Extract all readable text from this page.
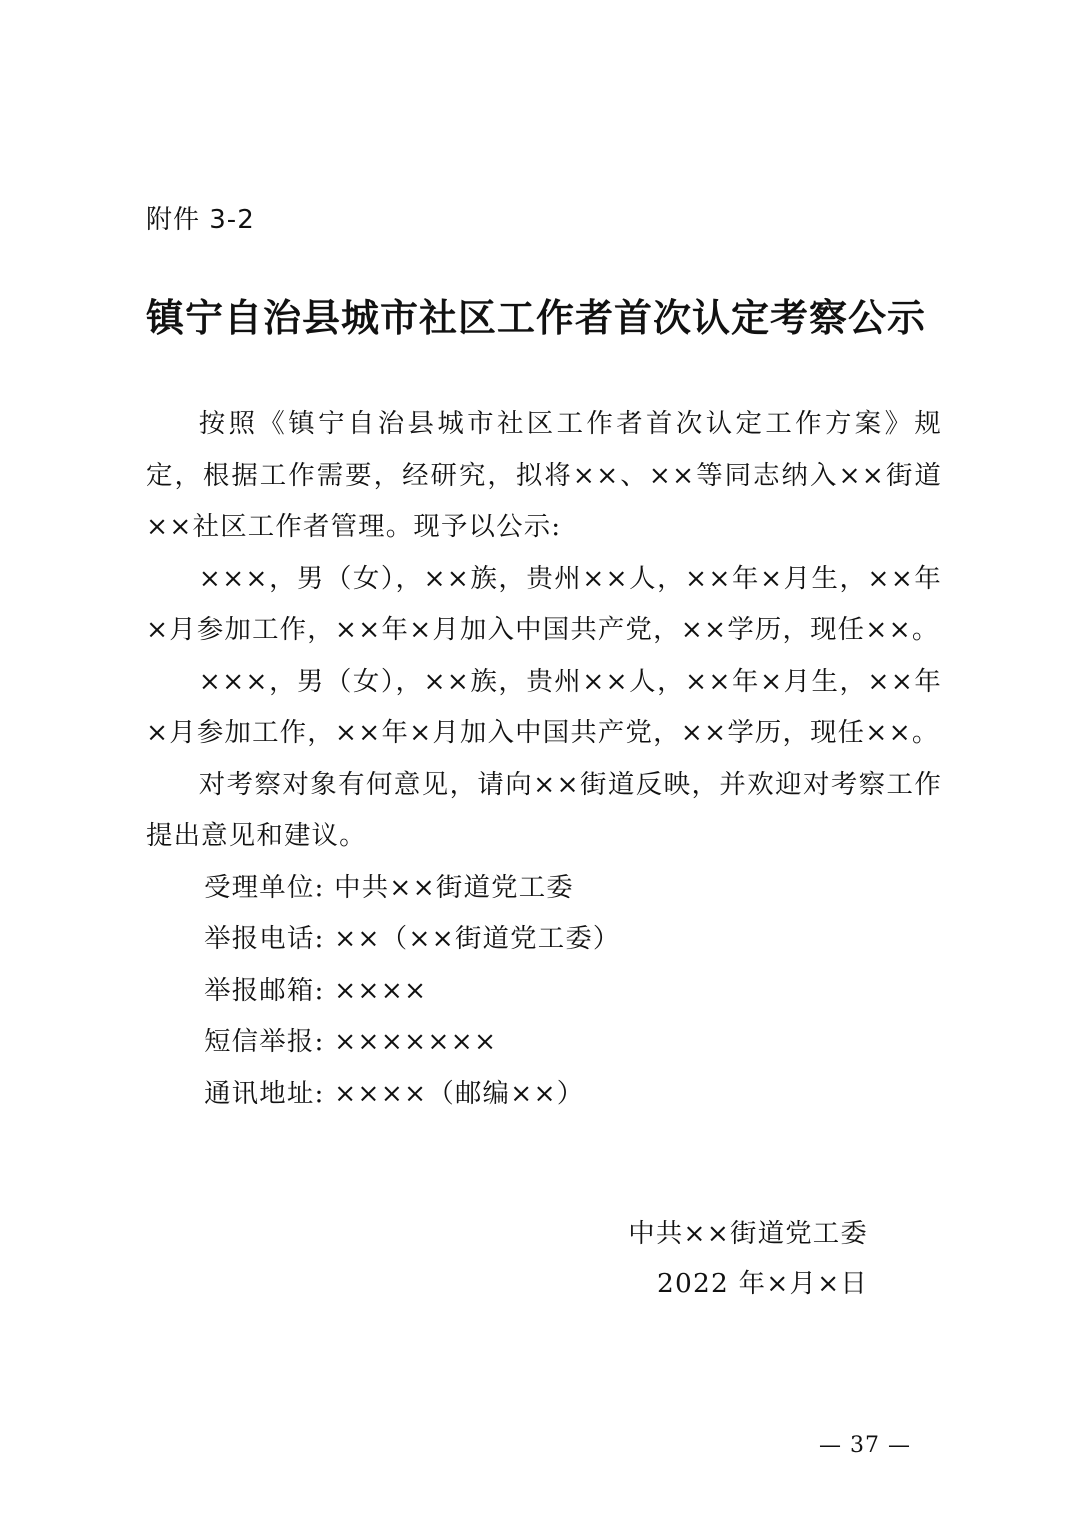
附件 3-2
镇宁自治县城市社区工作者首次认定考察公示

按照《镇宁自治县城市社区工作者首次认定工作方案》规定，根据工作需要，经研究，拟将××、××等同志纳入××街道××社区工作者管理。现予以公示:

×××，男（女），××族，贵州××人，××年×月生，××年×月参加工作，××年×月加入中国共产党，××学历，现任××。

×××，男（女），××族，贵州××人，××年×月生，××年×月参加工作，××年×月加入中国共产党，××学历，现任××。

对考察对象有何意见，请向××街道反映，并欢迎对考察工作提出意见和建议。

受理单位: 中共××街道党工委

举报电话: ××（××街道党工委）

举报邮箱: ××××

短信举报: ×××××××

通讯地址: ××××（邮编××）

中共××街道党工委
2022 年×月×日
— 37 —
